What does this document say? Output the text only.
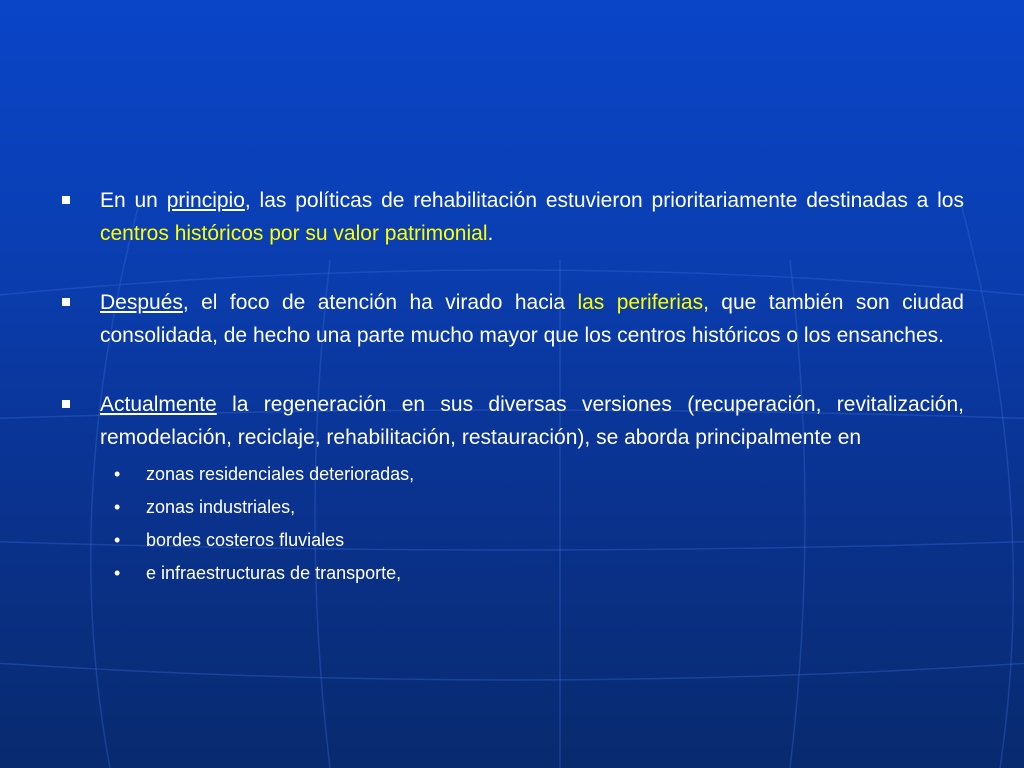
En un principio, las políticas de rehabilitación estuvieron prioritariamente destinadas a los centros históricos por su valor patrimonial.
Después, el foco de atención ha virado hacia las periferias, que también son ciudad consolidada, de hecho una parte mucho mayor que los centros históricos o los ensanches.
Actualmente la regeneración en sus diversas versiones (recuperación, revitalización, remodelación, reciclaje, rehabilitación, restauración), se aborda principalmente en
• zonas residenciales deterioradas,
• zonas industriales,
• bordes costeros fluviales
• e infraestructuras de transporte,
